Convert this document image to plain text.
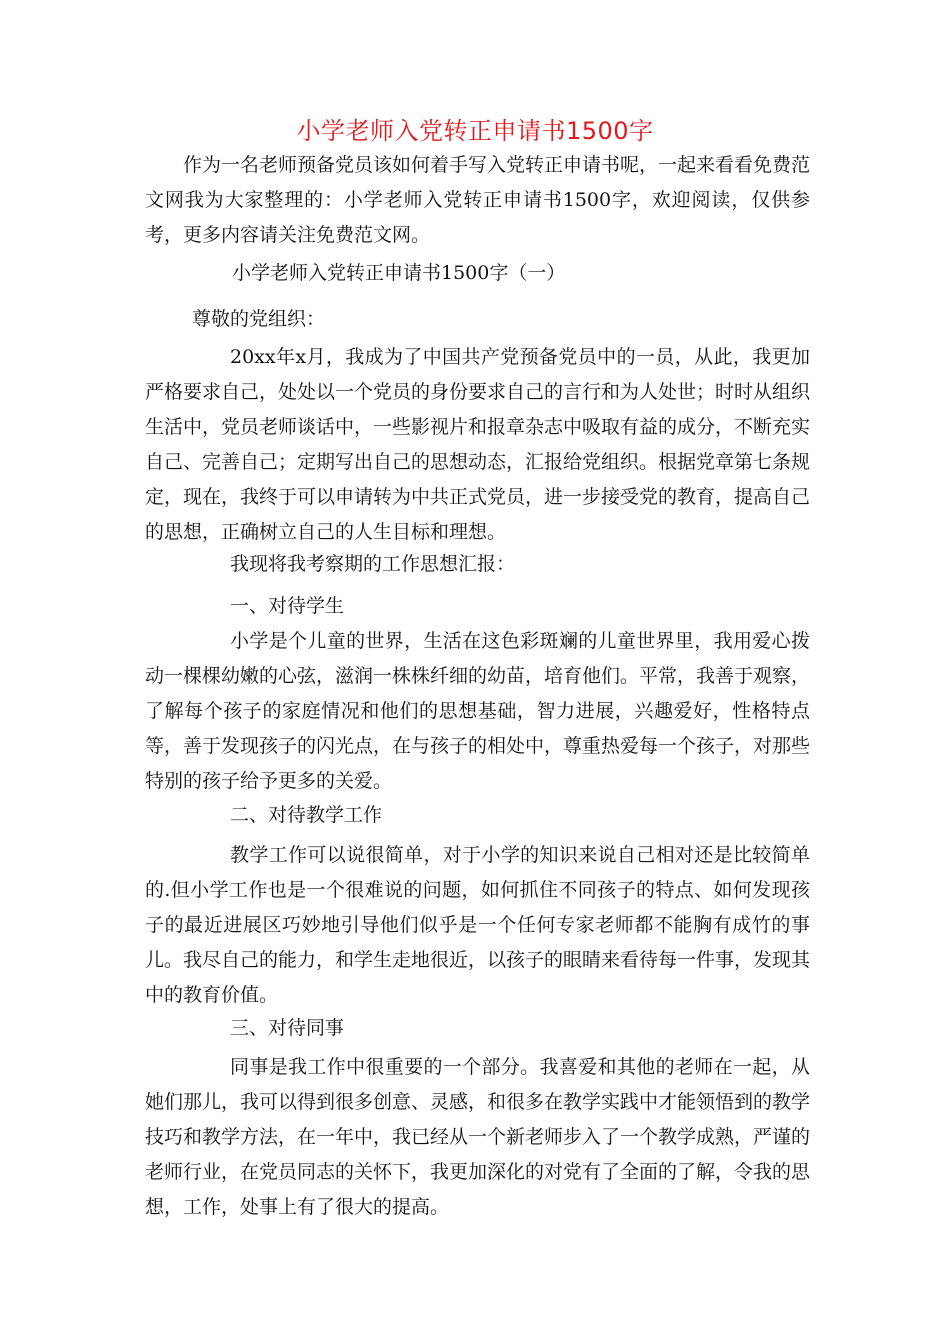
小学老师入党转正申请书1500字

作为一名老师预备党员该如何着手写入党转正申请书呢，一起来看看免费范文网我为大家整理的：小学老师入党转正申请书1500字，欢迎阅读，仅供参考，更多内容请关注免费范文网。

小学老师入党转正申请书1500字（一）

尊敬的党组织：

20xx年x月，我成为了中国共产党预备党员中的一员，从此，我更加严格要求自己，处处以一个党员的身份要求自己的言行和为人处世；时时从组织生活中，党员老师谈话中，一些影视片和报章杂志中吸取有益的成分，不断充实自己、完善自己；定期写出自己的思想动态，汇报给党组织。根据党章第七条规定，现在，我终于可以申请转为中共正式党员，进一步接受党的教育，提高自己的思想，正确树立自己的人生目标和理想。

我现将我考察期的工作思想汇报：

一、对待学生

小学是个儿童的世界，生活在这色彩斑斓的儿童世界里，我用爱心拨动一棵棵幼嫩的心弦，滋润一株株纤细的幼苗，培育他们。平常，我善于观察，了解每个孩子的家庭情况和他们的思想基础，智力进展，兴趣爱好，性格特点等，善于发现孩子的闪光点，在与孩子的相处中，尊重热爱每一个孩子，对那些特别的孩子给予更多的关爱。

二、对待教学工作

教学工作可以说很简单，对于小学的知识来说自己相对还是比较简单的.但小学工作也是一个很难说的问题，如何抓住不同孩子的特点、如何发现孩子的最近进展区巧妙地引导他们似乎是一个任何专家老师都不能胸有成竹的事儿。我尽自己的能力，和学生走地很近，以孩子的眼睛来看待每一件事，发现其中的教育价值。

三、对待同事

同事是我工作中很重要的一个部分。我喜爱和其他的老师在一起，从她们那儿，我可以得到很多创意、灵感，和很多在教学实践中才能领悟到的教学技巧和教学方法，在一年中，我已经从一个新老师步入了一个教学成熟，严谨的老师行业，在党员同志的关怀下，我更加深化的对党有了全面的了解，令我的思想，工作，处事上有了很大的提高。
